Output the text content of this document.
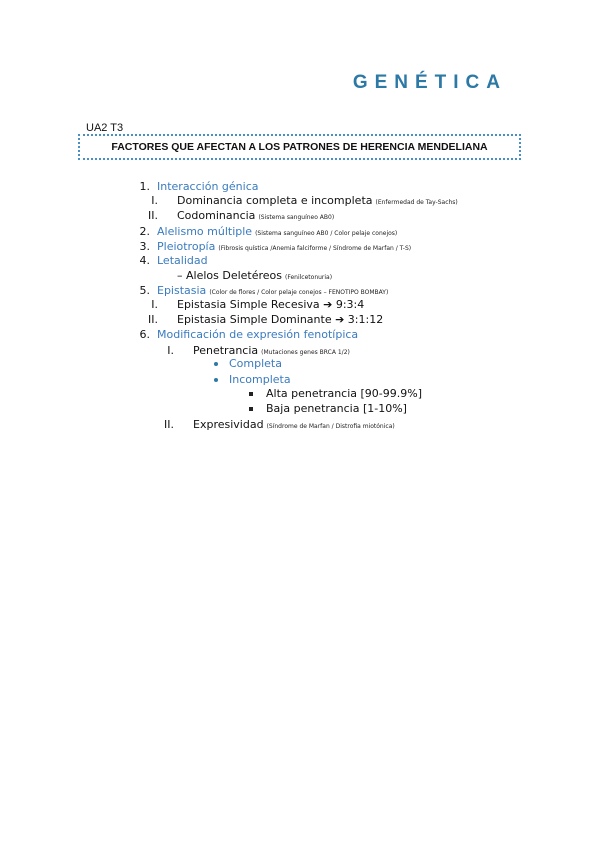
GENÉTICA
UA2 T3
FACTORES QUE AFECTAN A LOS PATRONES DE HERENCIA MENDELIANA
1. Interacción génica
I. Dominancia completa e incompleta (Enfermedad de Tay-Sachs)
II. Codominancia (Sistema sanguíneo AB0)
2. Alelismo múltiple (Sistema sanguíneo AB0 / Color pelaje conejos)
3. Pleiotropía (Fibrosis quística /Anemia falciforme / Síndrome de Marfan / T-S)
4. Letalidad
– Alelos Deletéreos (Fenilcetonuria)
5. Epistasia (Color de flores / Color pelaje conejos – FENOTIPO BOMBAY)
I. Epistasia Simple Recesiva ➔ 9:3:4
II. Epistasia Simple Dominante ➔ 3:1:12
6. Modificación de expresión fenotípica
I. Penetrancia (Mutaciones genes BRCA 1/2)
Completa
Incompleta
Alta penetrancia [90-99.9%]
Baja penetrancia [1-10%]
II. Expresividad (Síndrome de Marfan / Distrofia miotónica)
